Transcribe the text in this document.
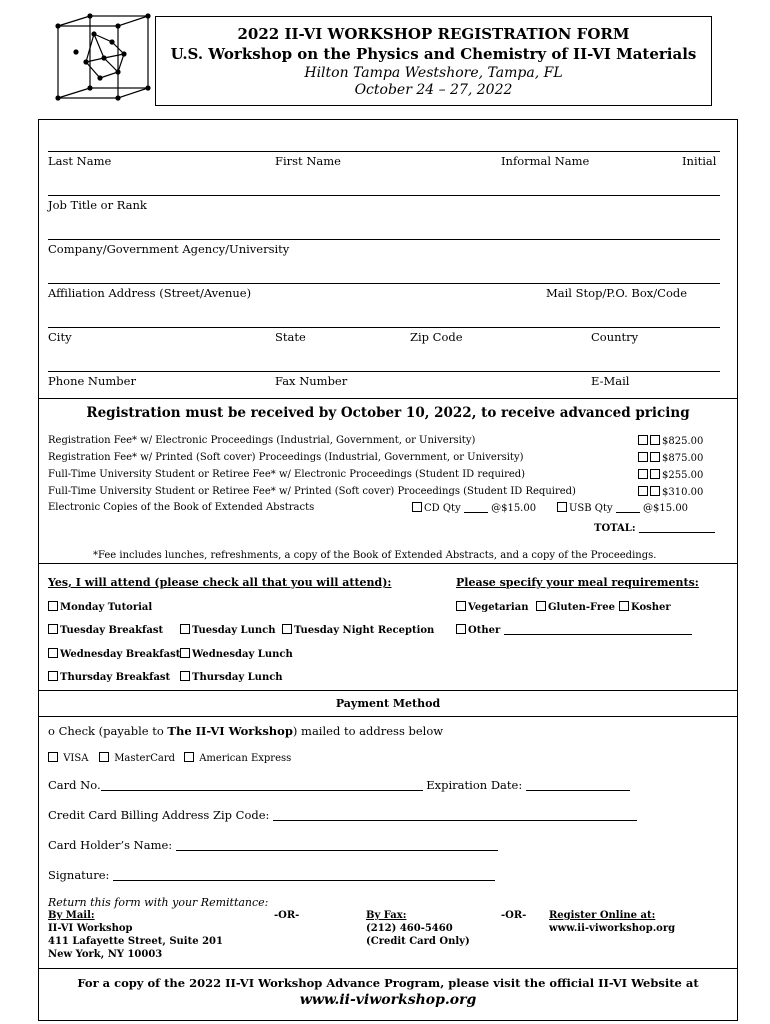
2022 II-VI WORKSHOP REGISTRATION FORM
U.S. Workshop on the Physics and Chemistry of II-VI Materials
Hilton Tampa Westshore, Tampa, FL
October 24 – 27, 2022
Last Name	First Name	Informal Name	Initial
Job Title or Rank
Company/Government Agency/University
Affiliation Address (Street/Avenue)	Mail Stop/P.O. Box/Code
City	State	Zip Code	Country
Phone Number	Fax Number	E-Mail
Registration must be received by October 10, 2022, to receive advanced pricing
Registration Fee* w/ Electronic Proceedings (Industrial, Government, or University)	$825.00
Registration Fee* w/ Printed (Soft cover) Proceedings (Industrial, Government, or University)	$875.00
Full-Time University Student or Retiree Fee* w/ Electronic Proceedings (Student ID required)	$255.00
Full-Time University Student or Retiree Fee* w/ Printed (Soft cover) Proceedings (Student ID Required)	$310.00
Electronic Copies of the Book of Extended Abstracts	CD Qty	@$15.00	USB Qty	@$15.00
TOTAL:
*Fee includes lunches, refreshments, a copy of the Book of Extended Abstracts, and a copy of the Proceedings.
Yes, I will attend (please check all that you will attend):	Please specify your meal requirements:
Monday Tutorial	Vegetarian	Gluten-Free	Kosher
Tuesday Breakfast	Tuesday Lunch	Tuesday Night Reception	Other
Wednesday Breakfast	Wednesday Lunch
Thursday Breakfast	Thursday Lunch
Payment Method
o Check (payable to The II-VI Workshop) mailed to address below
VISA	MasterCard	American Express
Card No.	Expiration Date:
Credit Card Billing Address Zip Code:
Card Holder’s Name:
Signature:
Return this form with your Remittance:
By Mail:
II-VI Workshop
411 Lafayette Street, Suite 201
New York, NY 10003
-OR-	By Fax:
(212) 460-5460
(Credit Card Only)
-OR- Register Online at:
www.ii-viworkshop.org
For a copy of the 2022 II-VI Workshop Advance Program, please visit the official II-VI Website at
www.ii-viworkshop.org
